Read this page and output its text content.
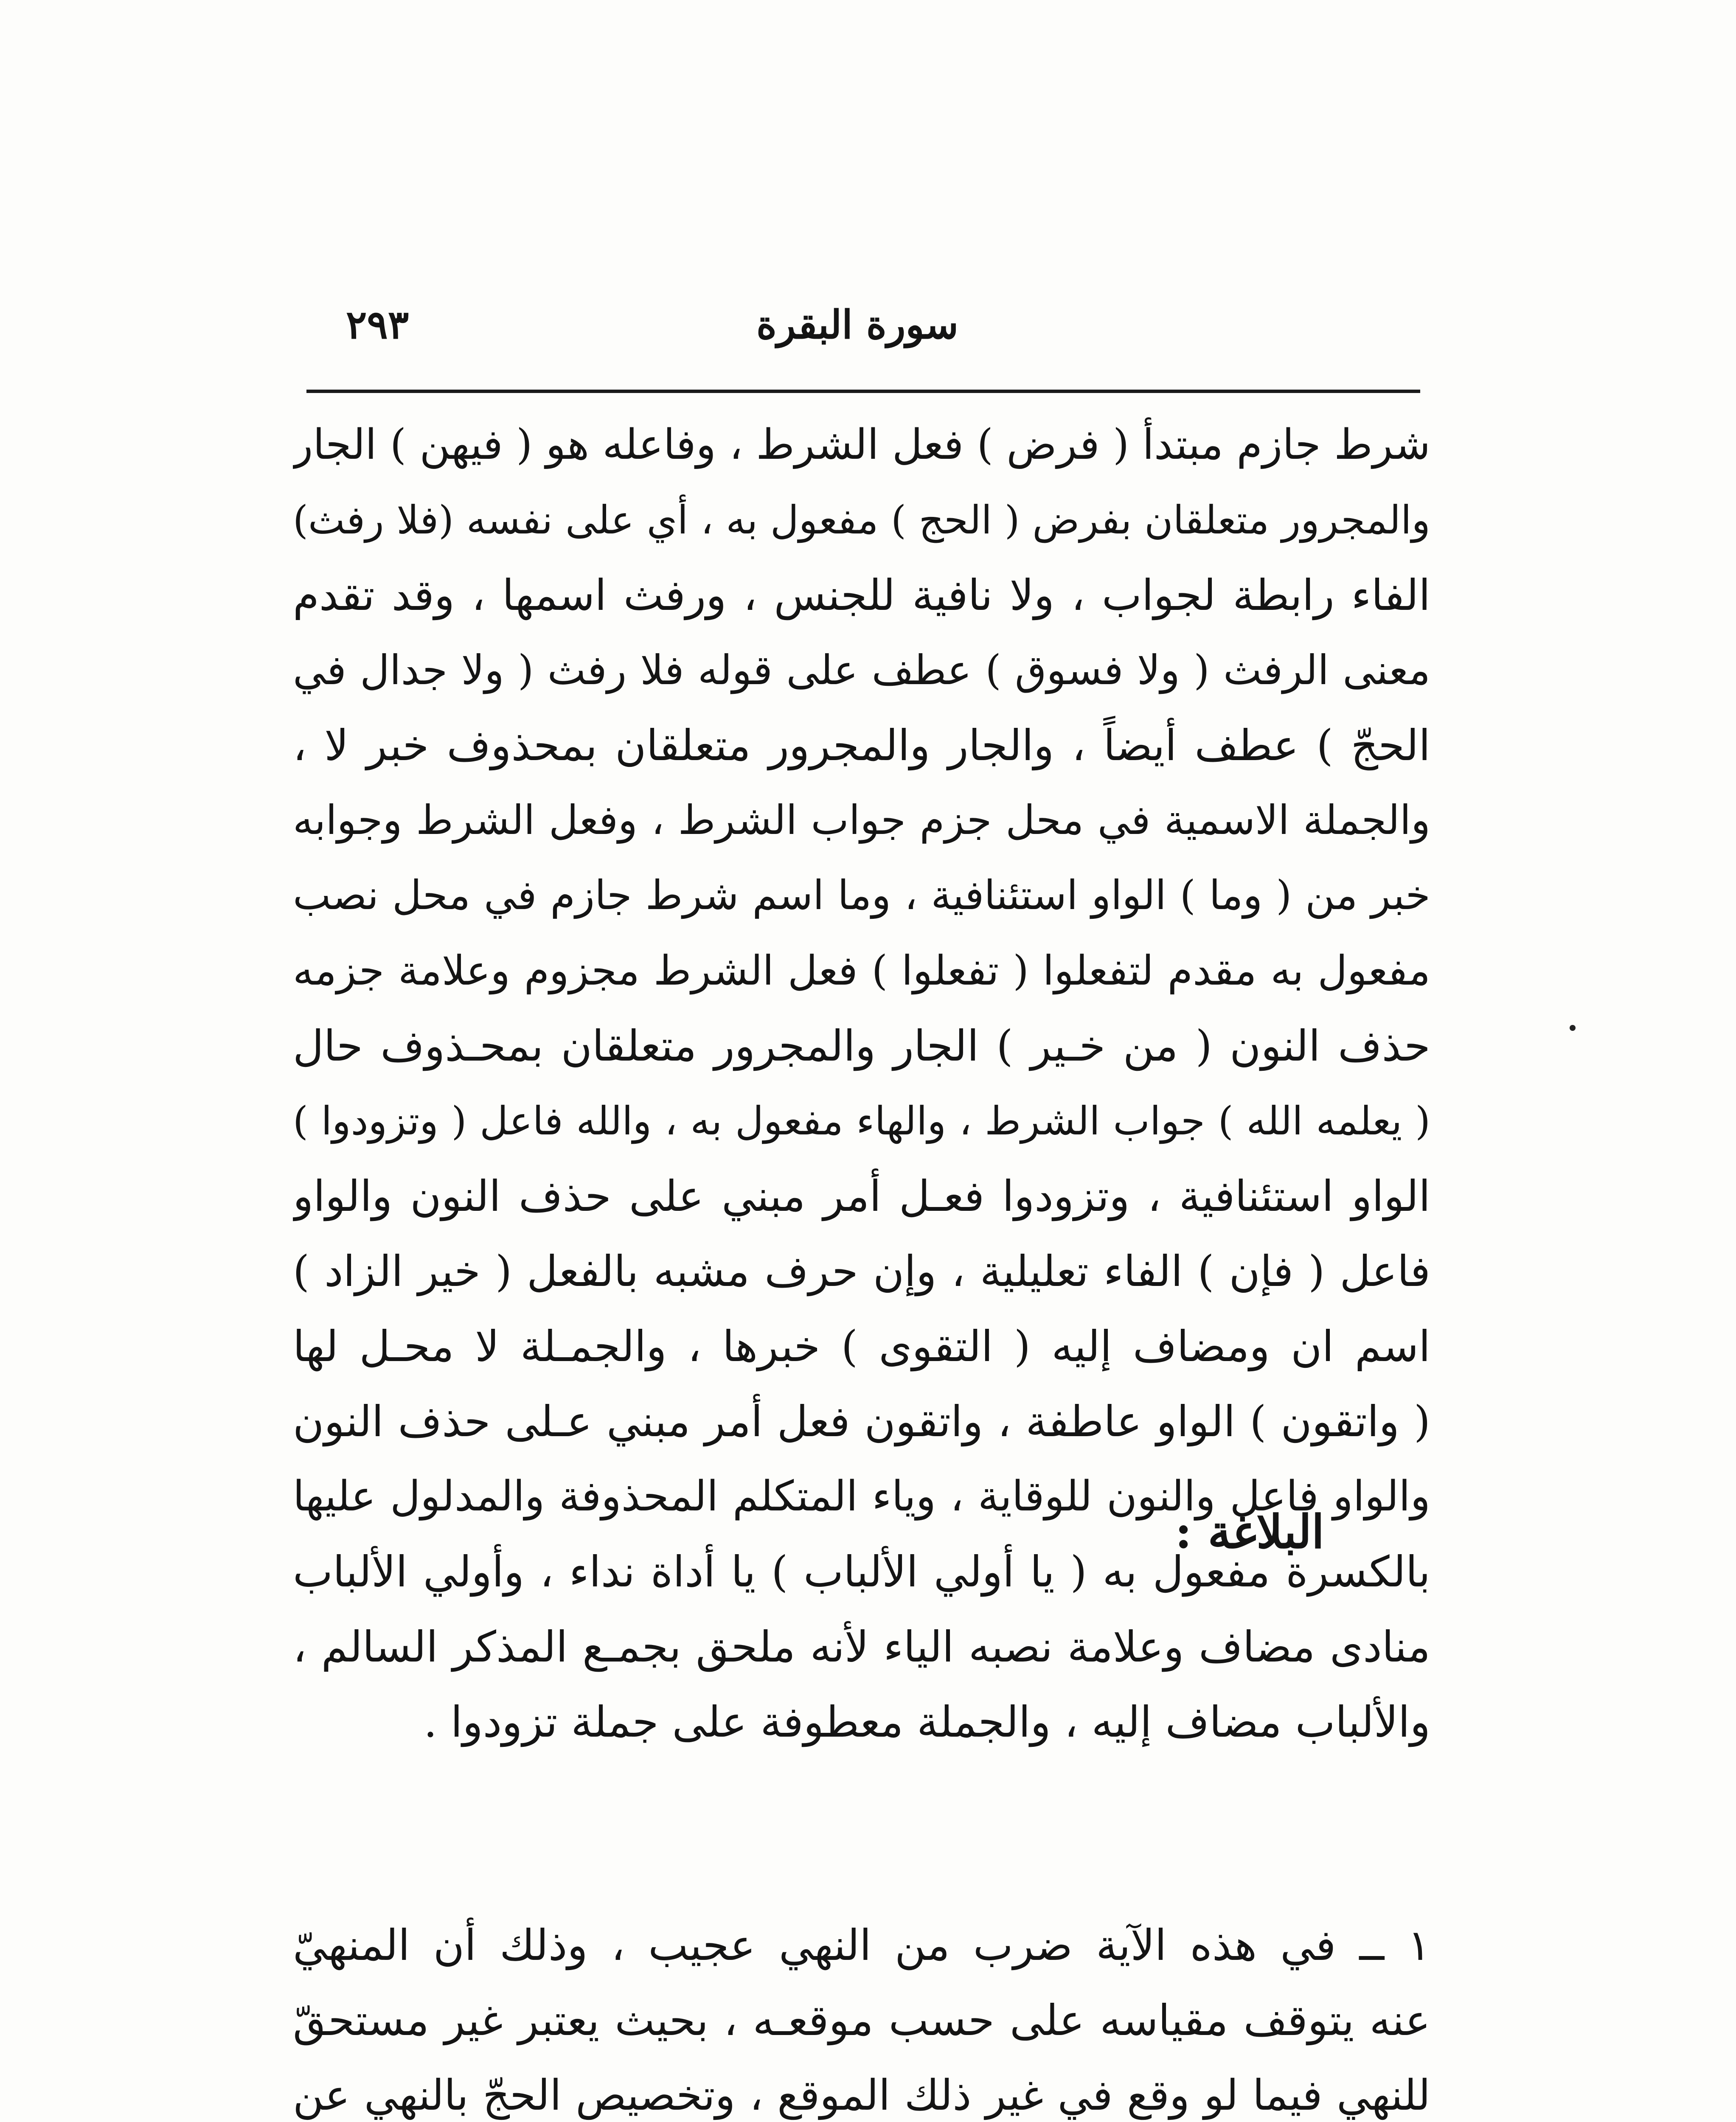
سورة البقرة
٢٩٣
شرط جازم مبتدأ ( فرض ) فعل الشرط ، وفاعله هو ( فيهن ) الجار
والمجرور متعلقان بفرض ( الحج ) مفعول به ، أي على نفسه (فلا رفث)
الفاء رابطة لجواب ، ولا نافية للجنس ، ورفث اسمها ، وقد تقدم
معنى الرفث ( ولا فسوق ) عطف على قوله فلا رفث ( ولا جدال في
الحجّ ) عطف أيضاً ، والجار والمجرور متعلقان بمحذوف خبر لا ،
والجملة الاسمية في محل جزم جواب الشرط ، وفعل الشرط وجوابه
خبر من ( وما ) الواو استئنافية ، وما اسم شرط جازم في محل نصب
مفعول به مقدم لتفعلوا ( تفعلوا ) فعل الشرط مجزوم وعلامة جزمه
حذف النون ( من خـير ) الجار والمجرور متعلقان بمحـذوف حال
( يعلمه الله ) جواب الشرط ، والهاء مفعول به ، والله فاعل ( وتزودوا )
الواو استئنافية ، وتزودوا فعـل أمر مبني على حذف النون والواو
فاعل ( فإن ) الفاء تعليلية ، وإن حرف مشبه بالفعل ( خير الزاد )
اسم ان ومضاف إليه ( التقوى ) خبرها ، والجمـلة لا محـل لها
( واتقون ) الواو عاطفة ، واتقون فعل أمر مبني عـلى حذف النون
والواو فاعل والنون للوقاية ، وياء المتكلم المحذوفة والمدلول عليها
بالكسرة مفعول به ( يا أولي الألباب ) يا أداة نداء ، وأولي الألباب
منادى مضاف وعلامة نصبه الياء لأنه ملحق بجمـع المذكر السالم ،
والألباب مضاف إليه ، والجملة معطوفة على جملة تزودوا .
البلاغة :
١ ــ في هذه الآية ضرب من النهي عجيب ، وذلك أن المنهيّ
عنه يتوقف مقياسه على حسب موقعـه ، بحيث يعتبر غير مستحقّ
للنهي فيما لو وقع في غير ذلك الموقع ، وتخصيص الحجّ بالنهي عن
